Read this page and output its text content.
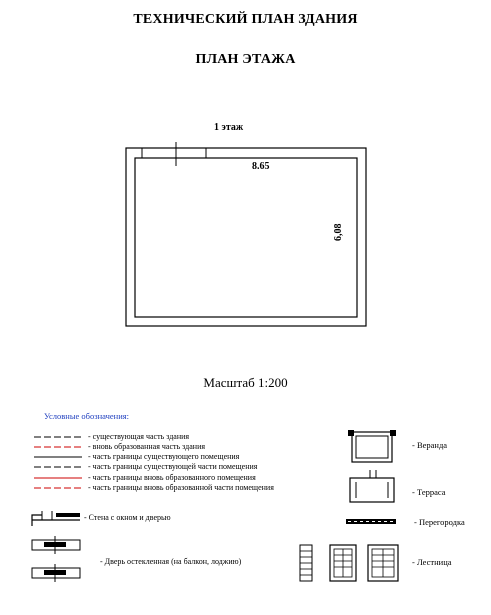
ТЕХНИЧЕСКИЙ ПЛАН ЗДАНИЯ
ПЛАН ЭТАЖА
1 этаж
8.65
6,08
Масштаб 1:200
Условные обозначения:
- существующая часть здания
- вновь образованная часть здания
- часть границы существующего помещения
- часть границы существующей части помещения
- часть границы вновь образованного помещения
- часть границы вновь образованной части помещения
- Стена с окном и дверью
- Дверь остекленная (на балкон, лоджию)
- Веранда
- Терраса
- Перегородка
- Лестница
